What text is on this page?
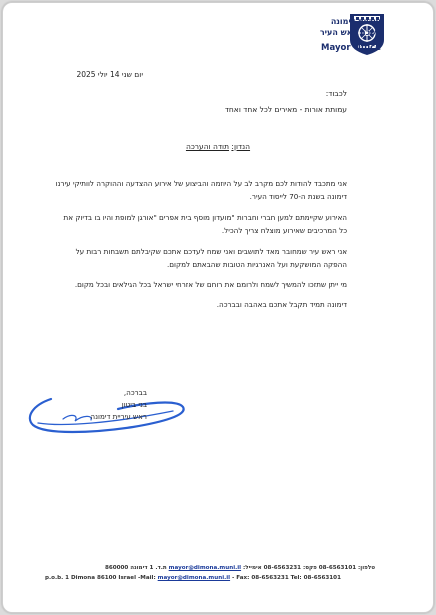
עיריית דימונה
לשכת ראש העיר
Mayor Office
יום שני 14 יולי 2025
לכבוד:
עמותת אורות - מאירים לכל אחד ואחד
הנדון: תודה והערכה
אני מתכבד להודות לכם מקרב לב על היוזמה והביצוע של אירוע ההצדעה וההוקרה לוותיקי עירנו דימונה בשנת ה-70 לייסוד העיר.
האירוע שקיימתם למען חברי וחברות "מועדון מוסף בית אפרים "אורגן למופת והיו בו בדיוק את כל המרכיבים שאירוע מוצלח צריך להכיל.
אני ראש עיר שמחובר מאד לתושבים ואני שמח לעדכם אתכם שקיבלתם תשבחות רבות על ההפקה המושקעת ועל האנרגיות הטובות שהבאתם למקום.
מי ייתן שתזכו להמשיך לשמח ולרומם את רוחם של אזרחי ישראל בכל הגילאים ובכל מקום.
דימונה תמיד תקבל אתכם באהבה ובברכה.
בברכה,
בני ביטון
ראש עיריית דימונה
טלפון: 08-6563101 פקס: 08-6563231 אימייל: mayor@dimona.muni.il ת.ד. 1 דימונה 860000
p.o.b. 1 Dimona 86100 Israel -Mail: mayor@dimona.muni.il - Fax: 08-6563231 Tel: 08-6563101
